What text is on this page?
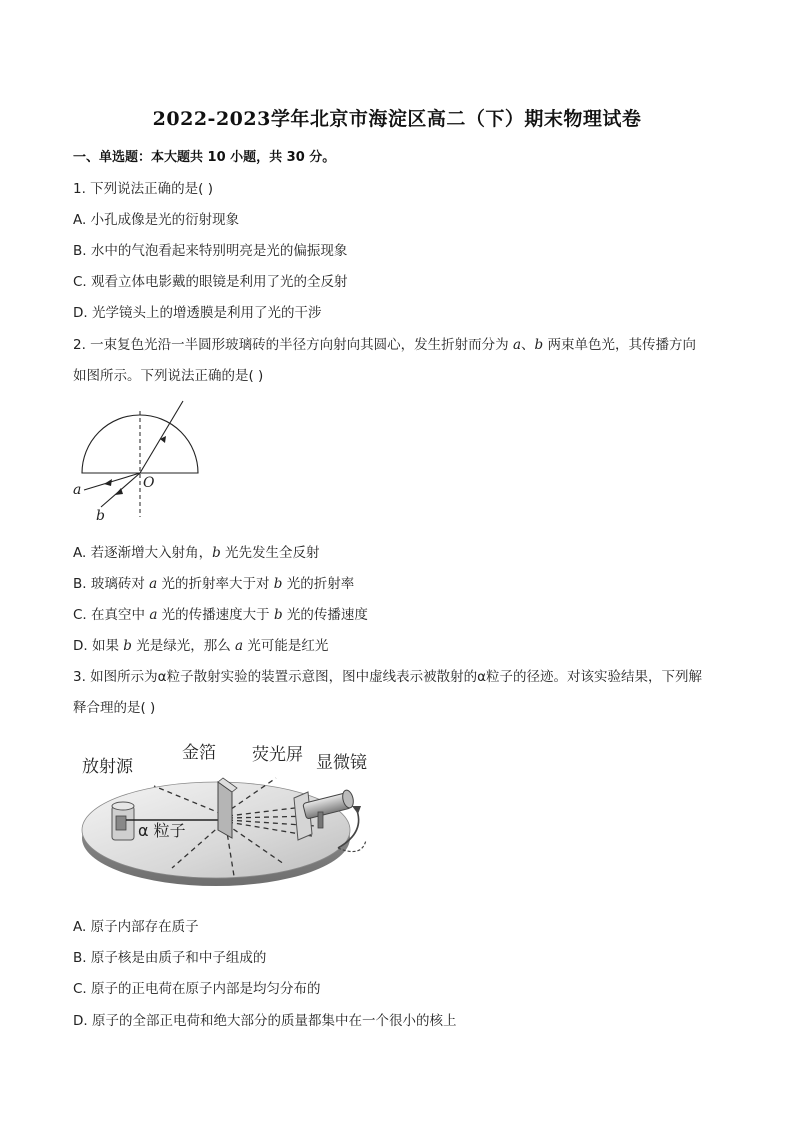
2022-2023学年北京市海淀区高二（下）期末物理试卷
一、单选题：本大题共 10 小题，共 30 分。
1. 下列说法正确的是( )
A. 小孔成像是光的衍射现象
B. 水中的气泡看起来特别明亮是光的偏振现象
C. 观看立体电影戴的眼镜是利用了光的全反射
D. 光学镜头上的增透膜是利用了光的干涉
2. 一束复色光沿一半圆形玻璃砖的半径方向射向其圆心，发生折射而分为 a、b 两束单色光，其传播方向
如图所示。下列说法正确的是( )
a
b
O
A. 若逐渐增大入射角，b 光先发生全反射
B. 玻璃砖对 a 光的折射率大于对 b 光的折射率
C. 在真空中 a 光的传播速度大于 b 光的传播速度
D. 如果 b 光是绿光，那么 a 光可能是红光
3. 如图所示为α粒子散射实验的装置示意图，图中虚线表示被散射的α粒子的径迹。对该实验结果，下列解
释合理的是( )
放射源
金箔 荧光屏 显微镜
α 粒子
A. 原子内部存在质子
B. 原子核是由质子和中子组成的
C. 原子的正电荷在原子内部是均匀分布的
D. 原子的全部正电荷和绝大部分的质量都集中在一个很小的核上
